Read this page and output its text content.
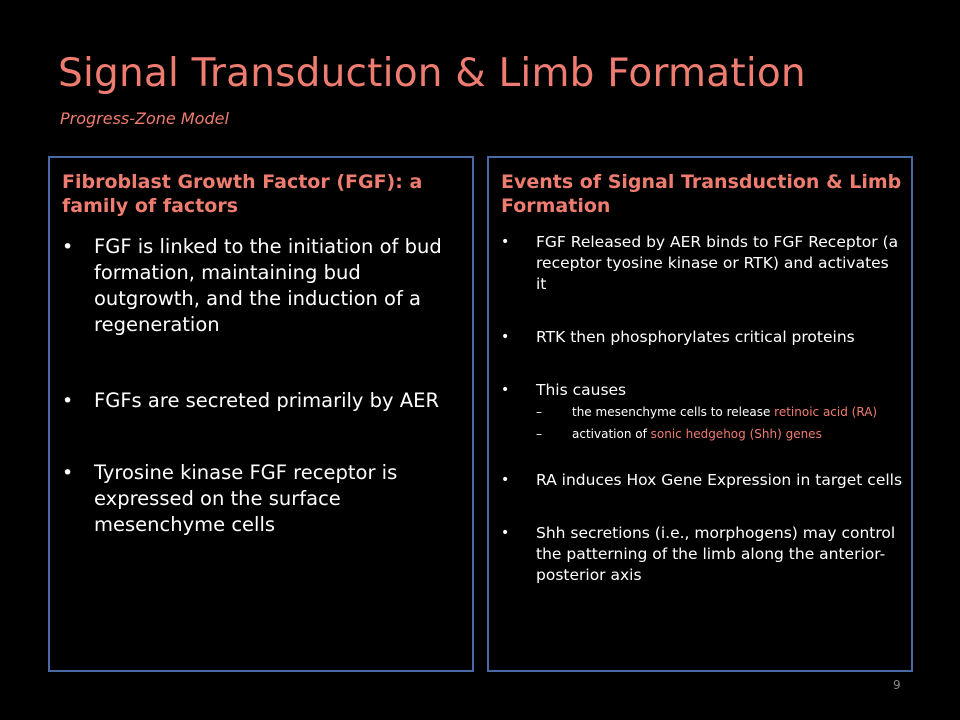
Signal Transduction & Limb Formation
Progress-Zone Model
Fibroblast Growth Factor (FGF): a family of factors
• FGF is linked to the initiation of bud formation, maintaining bud outgrowth, and the induction of a regeneration
• FGFs are secreted primarily by AER
• Tyrosine kinase FGF receptor is expressed on the surface mesenchyme cells
Events of Signal Transduction & Limb Formation
• FGF Released by AER binds to FGF Receptor (a receptor tyosine kinase or RTK) and activates it
• RTK then phosphorylates critical proteins
• This causes
–	the mesenchyme cells to release retinoic acid (RA)
–	activation of sonic hedgehog (Shh) genes
• RA induces Hox Gene Expression in target cells
• Shh secretions (i.e., morphogens) may control the patterning of the limb along the anterior-posterior axis
9
